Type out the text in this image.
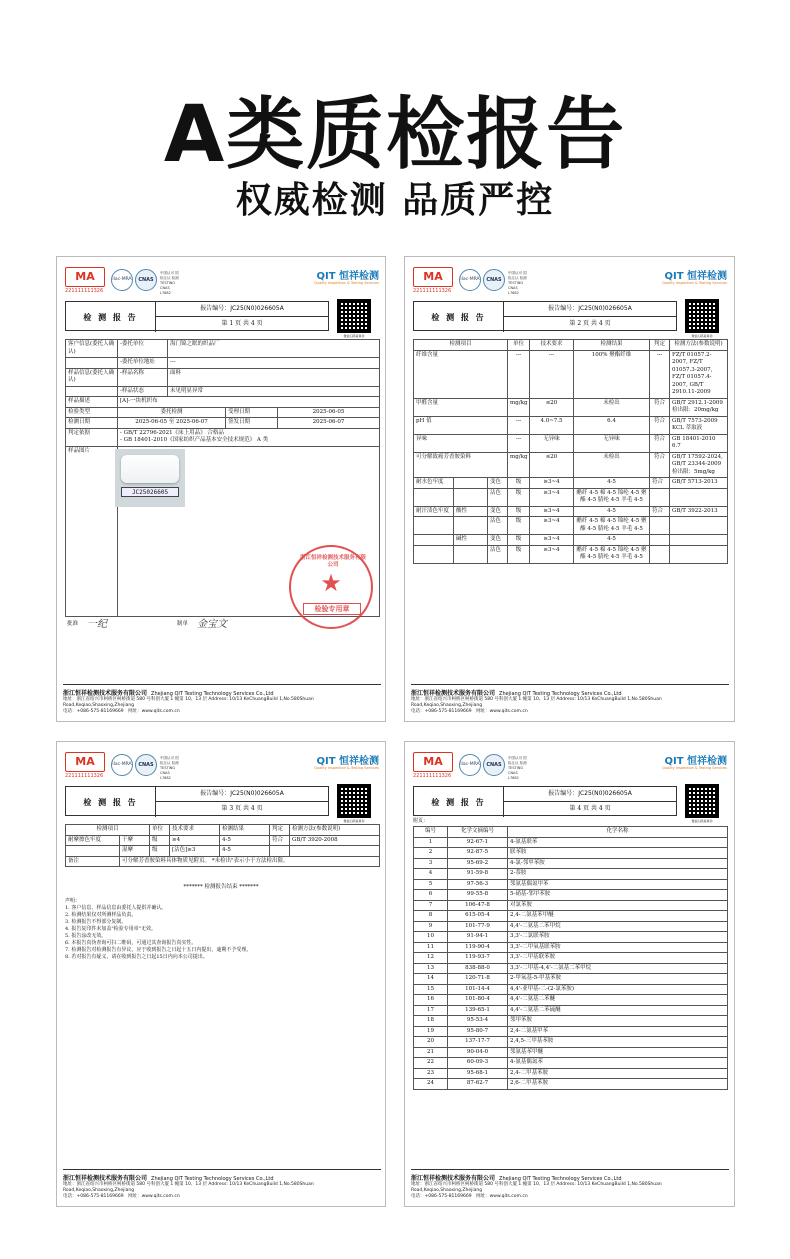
A类质检报告
权威检测 品质严控
MA
221111111326
ilac-MRA	CNAS
中国认可 国际互认 检测 TESTING CNAS L7682
QIT 恒祥检测
Quality Inspection & Testing Services
检 测 报 告
报告编号：JC25(N0)026605A
第 1 页 共 4 页
微信扫码查真伪
客户信息(委托人确认)	-委托单位	海门锦之眠的织品厂		
	-委托单位地址	---		
样品信息(委托人确认)	-样品名称	面料		
	-样品状态	未见明显异常		
样品描述	[A]-一块机织布			
检验类型	委托检测		受理日期	2025-06-05
检测日期	2025-06-05 至 2025-06-07		签发日期	2025-06-07
判定依据	- GB/T 22796-2021《床上用品》 合格品
- GB 18401-2010《国家纺织产品基本安全技术规范》 A 类			

样品图片				
JC25026605
浙江恒祥检测技术服务有限公司
★
检验专用章
批准 一纪	制单 金宝文
浙江恒祥检测技术服务有限公司 Zhejiang QIT Testing Technology Services Co.,Ltd
地址：浙江省绍兴市柯桥区柯桥街道 580 号科创大厦 1 幢第 10、13 层 Address: 10/13 KeChuangBuild 1,No.580Shuan Road,Keqiao,Shaoxing,Zhejiang
电话：+086-575-81169669　网址：www.qits.com.cn
MA
221111111326
ilac-MRA	CNAS
中国认可 国际互认 检测 TESTING CNAS L7682
QIT 恒祥检测
Quality Inspection & Testing Services
检 测 报 告
报告编号：JC25(N0)026605A
第 2 页 共 4 页
微信扫码查真伪
检测项目			单位	技术要求	检测结果	判定	检测方法(参数说明)
纤维含量			---	---	100% 聚酯纤维	---	FZ/T 01057.2-2007, FZ/T 01057.3-2007, FZ/T 01057.4-2007, GB/T 2910.11-2009
甲醛含量			mg/kg	≤20	未检出	符合	GB/T 2912.1-2009 检出限：20mg/kg
pH 值			---	4.0~7.5	6.4	符合	GB/T 7573-2009 KCL 萃取液
异味			---	无异味	无异味	符合	GB 18401-2010 6.7
可分解致癌芳香胺染料			mg/kg	≤20	未检出	符合	GB/T 17592-2024, GB/T 23344-2009 检出限：5mg/kg
耐水色牢度		变色	级	≥3~4	4-5	符合	GB/T 5713-2013
		沾色	级	≥3~4	醋纤 4-5 棉 4-5 锦纶 4-5 聚酯 4-5 腈纶 4-5 羊毛 4-5		
耐汗渍色牢度	酸性	变色	级	≥3~4	4-5	符合	GB/T 3922-2013
		沾色	级	≥3~4	醋纤 4-5 棉 4-5 锦纶 4-5 聚酯 4-5 腈纶 4-5 羊毛 4-5		
	碱性	变色	级	≥3~4	4-5		
		沾色	级	≥3~4	醋纤 4-5 棉 4-5 锦纶 4-5 聚酯 4-5 腈纶 4-5 羊毛 4-5		
浙江恒祥检测技术服务有限公司 Zhejiang QIT Testing Technology Services Co.,Ltd
地址：浙江省绍兴市柯桥区柯桥街道 580 号科创大厦 1 幢第 10、13 层 Address: 10/13 KeChuangBuild 1,No.580Shuan Road,Keqiao,Shaoxing,Zhejiang
电话：+086-575-81169669　网址：www.qits.com.cn
MA
221111111326
ilac-MRA	CNAS
中国认可 国际互认 检测 TESTING CNAS L7682
QIT 恒祥检测
Quality Inspection & Testing Services
检 测 报 告
报告编号：JC25(N0)026605A
第 3 页 共 4 页
微信扫码查真伪
检测项目		单位	技术要求	检测结果	判定	检测方法(参数说明)
耐摩擦色牢度	干摩	级	≥4	4-5	符合	GB/T 3920-2008
	湿摩	级	[沾色]≥3	4-5		
备注	可分解芳香胺染料具体物质见附页。 *未检出"表示小于方法检出限。					
******* 检测报告结束 *******
声明：
1. 客户信息，样品信息由委托人提供并确认。
2. 检测结果仅对所测样品负责。
3. 检测报告不得部分复制。
4. 报告复印件未加盖"检验专用章"无效。
5. 报告涂改无效。
6. 本报告真伪查询可扫二维码，可通过其查询报告真实性。
7. 检测报告对检测报告有异议，应于收到报告之日起十五日内提出，逾期不予受理。
8. 若对报告有疑义，请在收到报告之日起15日内向本公司提出。
浙江恒祥检测技术服务有限公司 Zhejiang QIT Testing Technology Services Co.,Ltd
地址：浙江省绍兴市柯桥区柯桥街道 580 号科创大厦 1 幢第 10、13 层 Address: 10/13 KeChuangBuild 1,No.580Shuan Road,Keqiao,Shaoxing,Zhejiang
电话：+086-575-81169669　网址：www.qits.com.cn
MA
221111111326
ilac-MRA	CNAS
中国认可 国际互认 检测 TESTING CNAS L7682
QIT 恒祥检测
Quality Inspection & Testing Services
检 测 报 告
报告编号：JC25(N0)026605A
第 4 页 共 4 页
微信扫码查真伪
附页：
编号	化学文摘编号	化学名称
1	92-67-1	4-氨基联苯
2	92-87-5	联苯胺
3	95-69-2	4-氯-邻甲苯胺
4	91-59-8	2-萘胺
5	97-56-3	邻氨基偶氮甲苯
6	99-55-8	5-硝基-邻甲苯胺
7	106-47-8	对氯苯胺
8	615-05-4	2,4-二氨基苯甲醚
9	101-77-9	4,4'-二氨基二苯甲烷
10	91-94-1	3,3'-二氯联苯胺
11	119-90-4	3,3'-二甲氧基联苯胺
12	119-93-7	3,3'-二甲基联苯胺
13	838-88-0	3,3'-二甲基-4,4'-二氨基二苯甲烷
14	120-71-8	2-甲氧基-5-甲基苯胺
15	101-14-4	4,4'-亚甲基-二-(2-氯苯胺)
16	101-80-4	4,4'-二氨基二苯醚
17	139-65-1	4,4'-二氨基二苯硫醚
18	95-53-4	邻甲苯胺
19	95-80-7	2,4-二氨基甲苯
20	137-17-7	2,4,5-三甲基苯胺
21	90-04-0	邻氨基苯甲醚
22	60-09-3	4-氨基偶氮苯
23	95-68-1	2,4-二甲基苯胺
24	87-62-7	2,6-二甲基苯胺
浙江恒祥检测技术服务有限公司 Zhejiang QIT Testing Technology Services Co.,Ltd
地址：浙江省绍兴市柯桥区柯桥街道 580 号科创大厦 1 幢第 10、13 层 Address: 10/13 KeChuangBuild 1,No.580Shuan Road,Keqiao,Shaoxing,Zhejiang
电话：+086-575-81169669　网址：www.qits.com.cn
